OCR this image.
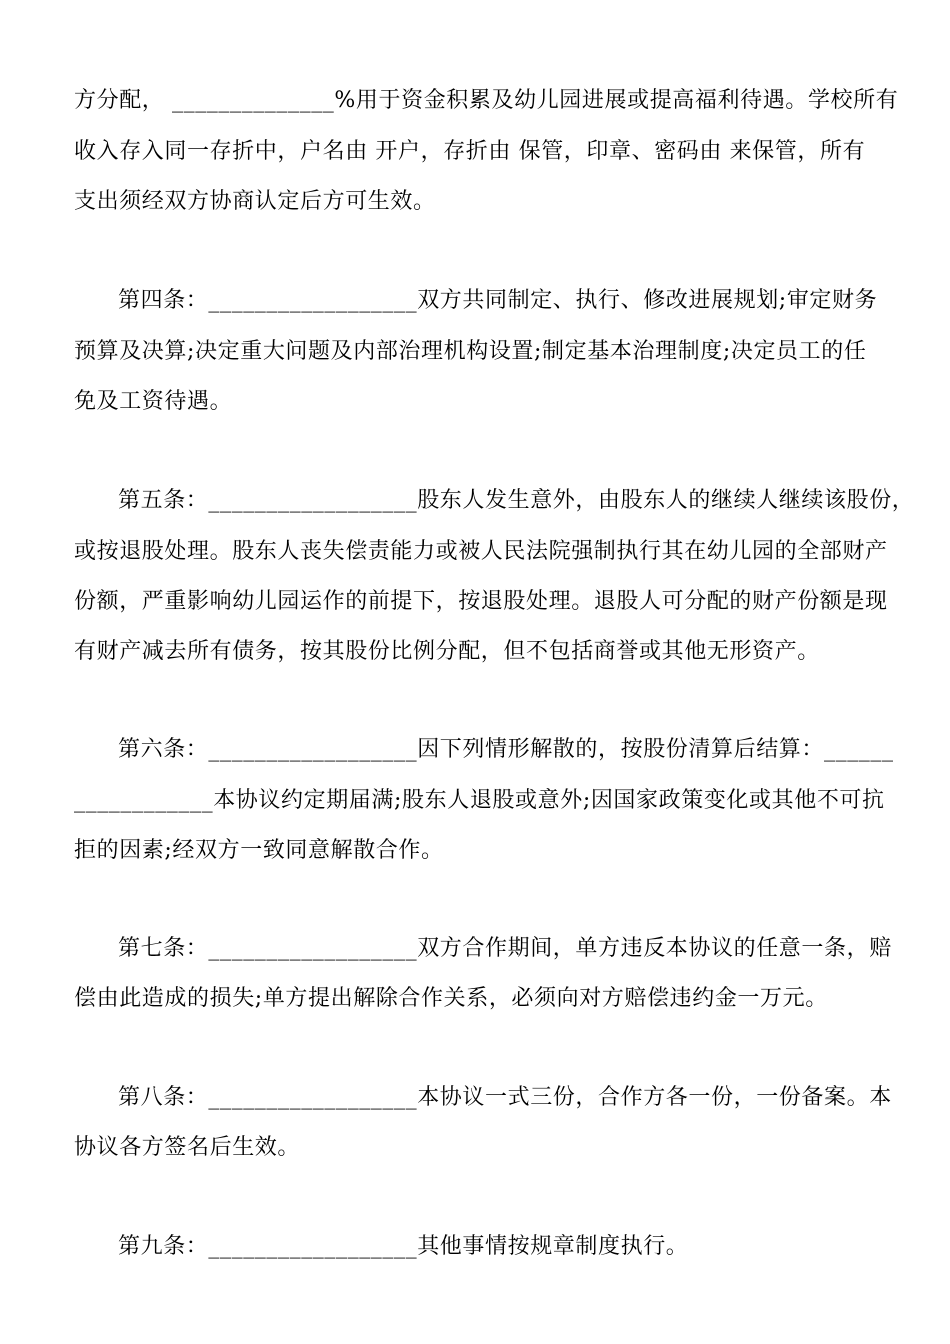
方分配， ______________%用于资金积累及幼儿园进展或提高福利待遇。学校所有
收入存入同一存折中，户名由 开户，存折由 保管，印章、密码由 来保管，所有
支出须经双方协商认定后方可生效。
第四条：__________________双方共同制定、执行、修改进展规划;审定财务
预算及决算;决定重大问题及内部治理机构设置;制定基本治理制度;决定员工的任
免及工资待遇。
第五条：__________________股东人发生意外，由股东人的继续人继续该股份，
或按退股处理。股东人丧失偿责能力或被人民法院强制执行其在幼儿园的全部财产
份额，严重影响幼儿园运作的前提下，按退股处理。退股人可分配的财产份额是现
有财产减去所有债务，按其股份比例分配，但不包括商誉或其他无形资产。
第六条：__________________因下列情形解散的，按股份清算后结算：______
____________本协议约定期届满;股东人退股或意外;因国家政策变化或其他不可抗
拒的因素;经双方一致同意解散合作。
第七条：__________________双方合作期间，单方违反本协议的任意一条，赔
偿由此造成的损失;单方提出解除合作关系，必须向对方赔偿违约金一万元。
第八条：__________________本协议一式三份，合作方各一份，一份备案。本
协议各方签名后生效。
第九条：__________________其他事情按规章制度执行。
